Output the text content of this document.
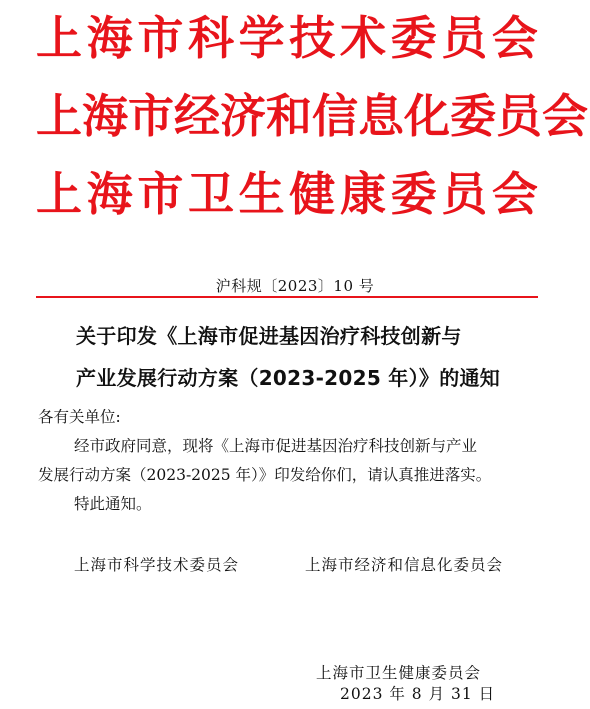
上 海 市 科 学 技 术 委 员 会
上 海 市 经 济 和 信 息 化 委 员 会
上 海 市 卫 生 健 康 委 员 会
沪科规〔2023〕10 号
关于印发《上海市促进基因治疗科技创新与
产业发展行动方案（2023-2025 年）》的通知
各有关单位:
经市政府同意，现将《上海市促进基因治疗科技创新与产业
发展行动方案（2023-2025 年）》印发给你们，请认真推进落实。
特此通知。
上海市科学技术委员会	上海市经济和信息化委员会
上海市卫生健康委员会
2023 年 8 月 31 日
